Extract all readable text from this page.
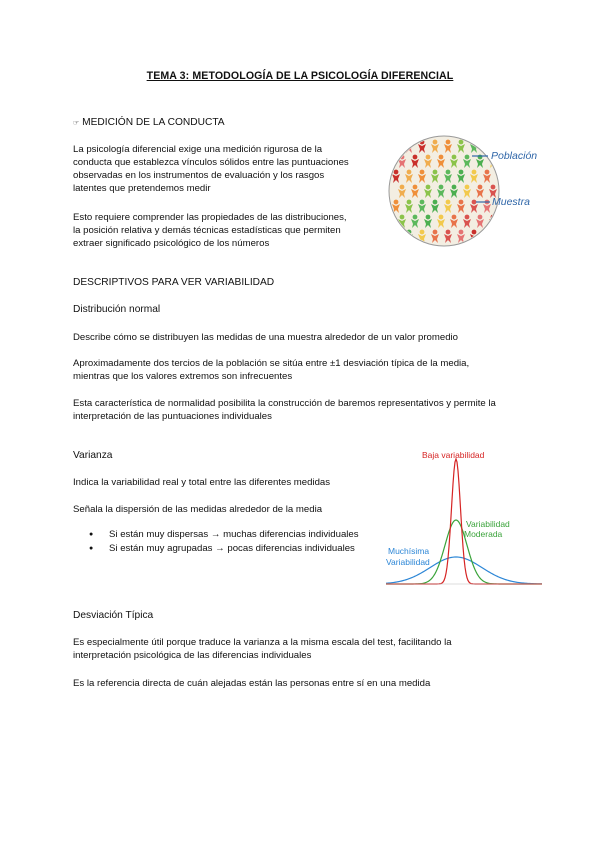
TEMA 3: METODOLOGÍA DE LA PSICOLOGÍA DIFERENCIAL
☞ MEDICIÓN DE LA CONDUCTA
La psicología diferencial exige una medición rigurosa de la
conducta que establezca vínculos sólidos entre las puntuaciones
observadas en los instrumentos de evaluación y los rasgos
latentes que pretendemos medir
Esto requiere comprender las propiedades de las distribuciones,
la posición relativa y demás técnicas estadísticas que permiten
extraer significado psicológico de los números
Población
Muestra
DESCRIPTIVOS PARA VER VARIABILIDAD
Distribución normal
Describe cómo se distribuyen las medidas de una muestra alrededor de un valor promedio
Aproximadamente dos tercios de la población se sitúa entre ±1 desviación típica de la media,
mientras que los valores extremos son infrecuentes
Esta característica de normalidad posibilita la construcción de baremos representativos y permite la
interpretación de las puntuaciones individuales
Varianza
Indica la variabilidad real y total entre las diferentes medidas
Señala la dispersión de las medidas alrededor de la media
● Si están muy dispersas → muchas diferencias individuales
● Si están muy agrupadas → pocas diferencias individuales
Baja variabilidad
Variabilidad
Moderada
Muchísima
Variabilidad
Desviación Típica
Es especialmente útil porque traduce la varianza a la misma escala del test, facilitando la
interpretación psicológica de las diferencias individuales
Es la referencia directa de cuán alejadas están las personas entre sí en una medida
